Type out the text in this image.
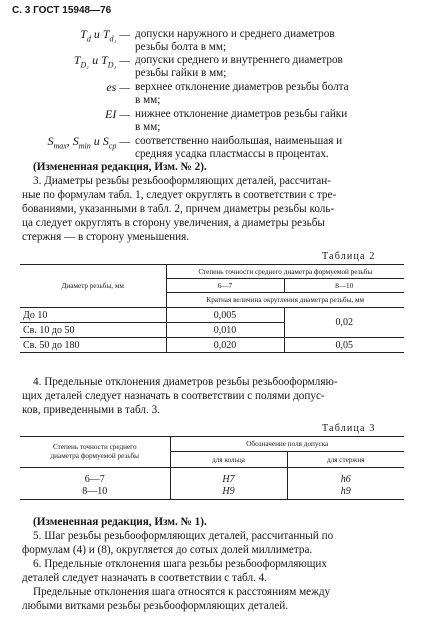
С. 3 ГОСТ 15948—76
$T_d$ и $T_{d_1}$ — допуски наружного и среднего диаметров
резьбы болта в мм;
$T_{D_1}$ и $T_{D_1}$ — допуски среднего и внутреннего диаметров
резьбы гайки в мм;
es — верхнее отклонение диаметров резьбы болта
в мм;
EI — нижнее отклонение диаметров резьбы гайки
в мм;
$S_{max}$, $S_{min}$ и $S_{cp}$ — соответственно наибольшая, наименьшая и
средняя усадка пластмассы в процентах.
(Измененная редакция, Изм. № 2).
3. Диаметры резьбы резьбооформляющих деталей, рассчитан-
ные по формулам табл. 1, следует округлять в соответствии с тре-
бованиями, указанными в табл. 2, причем диаметры резьбы коль-
ца следует округлять в сторону увеличения, а диаметры резьбы
стержня — в сторону уменьшения.
Таблица 2
Диаметр резьбы, мм	Степень точности среднего диаметра формуемой резьбы	
	6—7	8—10
	Кратная величина округления диаметра резьбы, мм	
До 10	0,005	0,02
Св. 10 до 50	0,010	
Св. 50 до 180	0,020	0,05
4. Предельные отклонения диаметров резьбы резьбооформляю-
щих деталей следует назначать в соответствии с полями допус-
ков, приведенными в табл. 3.
Таблица 3
Степень точности среднего
диаметра формуемой резьбы	Обозначение поля допуска	
	для кольца	для стержня
6—7	H7	h6
8—10	H9	h9
(Измененная редакция, Изм. № 1).
5. Шаг резьбы резьбооформляющих деталей, рассчитанный по
формулам (4) и (8), округляется до сотых долей миллиметра.
6. Предельные отклонения шага резьбы резьбооформляющих
деталей следует назначать в соответствии с табл. 4.
Предельные отклонения шага относятся к расстояниям между
любыми витками резьбы резьбооформляющих деталей.
